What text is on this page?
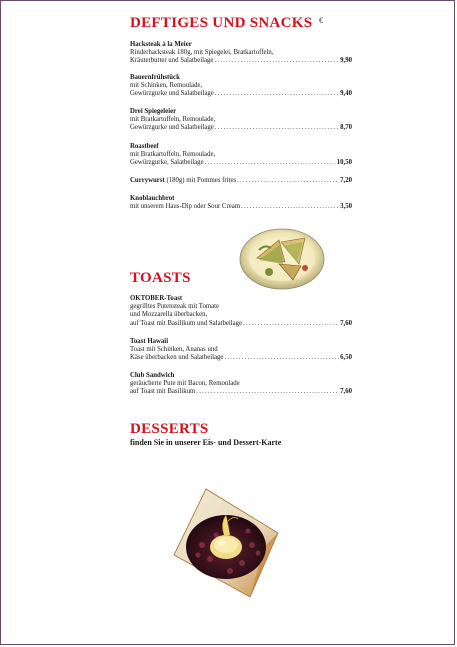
DEFTIGES UND SNACKS €
Hacksteak à la Meier
Rinderhacksteak 180g, mit Spiegelei, Bratkartoffeln,
Kräuterbutter und Salatbeilage .....	9,90
Bauernfrühstück
mit Schinken, Remoulade,
Gewürzgurke und Salatbeilage .....	9,40
Drei Spiegeleier
mit Bratkartoffeln, Remoulade,
Gewürzgurke und Salatbeilage .....	8,70
Roastbeef
mit Bratkartoffeln, Remoulade,
Gewürzgurke, Salatbeilage .....	10,50
Currywurst (180g) mit Pommes frites .....	7,20
Knoblauchbrot
mit unserem Haus-Dip oder Sour Cream .....	3,50
TOASTS
OKTOBER-Toast
gegrilltes Putensteak mit Tomate
und Mozzarella überbacken,
auf Toast mit Basilikum und Salatbeilage .....	7,60
Toast Hawaii
Toast mit Schinken, Ananas und
Käse überbacken und Salatbeilage .....	6,50
Club Sandwich
geräucherte Pute mit Bacon, Remoulade
auf Toast mit Basilikum .....	7,60
DESSERTS
finden Sie in unserer Eis- und Dessert-Karte
